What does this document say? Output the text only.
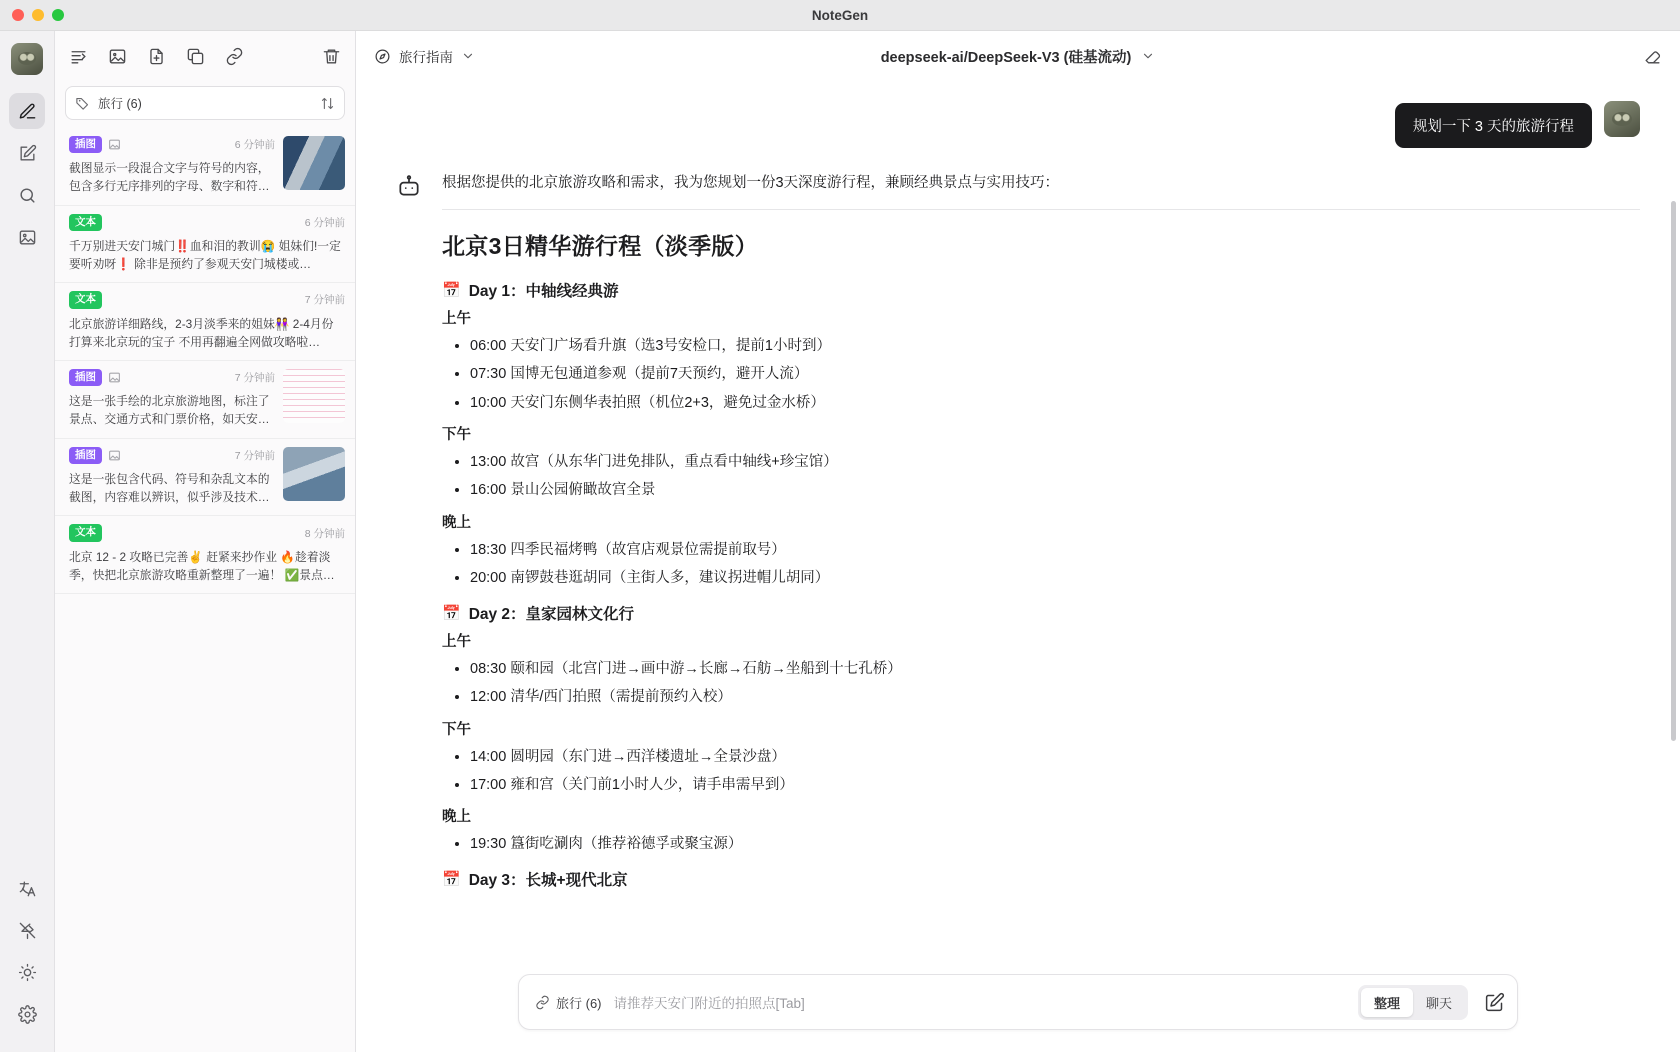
NoteGen
旅行 (6)
插图	6 分钟前
截图显示一段混合文字与符号的内容，包含多行无序排列的字母、数字和符…
文本	6 分钟前
千万别进天安门城门‼️血和泪的教训😭 姐妹们!一定要听劝呀❗ 除非是预约了参观天安门城楼或…
文本	7 分钟前
北京旅游详细路线，2-3月淡季来的姐妹👭 2-4月份打算来北京玩的宝子 不用再翻遍全网做攻略啦…
插图	7 分钟前
这是一张手绘的北京旅游地图，标注了景点、交通方式和门票价格，如天安…
插图	7 分钟前
这是一张包含代码、符号和杂乱文本的截图，内容难以辨识，似乎涉及技术…
文本	8 分钟前
北京 12 - 2 攻略已完善✌️ 赶紧来抄作业 🔥趁着淡季，快把北京旅游攻略重新整理了一遍！ ✅景点…
旅行指南	deepseek-ai/DeepSeek-V3 (硅基流动)
规划一下 3 天的旅游行程
根据您提供的北京旅游攻略和需求，我为您规划一份3天深度游行程，兼顾经典景点与实用技巧：
北京3日精华游行程（淡季版）
📅 Day 1：中轴线经典游
上午
• 06:00 天安门广场看升旗（选3号安检口，提前1小时到）
• 07:30 国博无包通道参观（提前7天预约，避开人流）
• 10:00 天安门东侧华表拍照（机位2+3，避免过金水桥）
下午
• 13:00 故宫（从东华门进免排队，重点看中轴线+珍宝馆）
• 16:00 景山公园俯瞰故宫全景
晚上
• 18:30 四季民福烤鸭（故宫店观景位需提前取号）
• 20:00 南锣鼓巷逛胡同（主街人多，建议拐进帽儿胡同）
📅 Day 2：皇家园林文化行
上午
• 08:30 颐和园（北宫门进→画中游→长廊→石舫→坐船到十七孔桥）
• 12:00 清华/西门拍照（需提前预约入校）
下午
• 14:00 圆明园（东门进→西洋楼遗址→全景沙盘）
• 17:00 雍和宫（关门前1小时人少，请手串需早到）
晚上
• 19:30 簋街吃涮肉（推荐裕德孚或聚宝源）
📅 Day 3：长城+现代北京
旅行 (6) 请推荐天安门附近的拍照点[Tab]	整理	聊天
